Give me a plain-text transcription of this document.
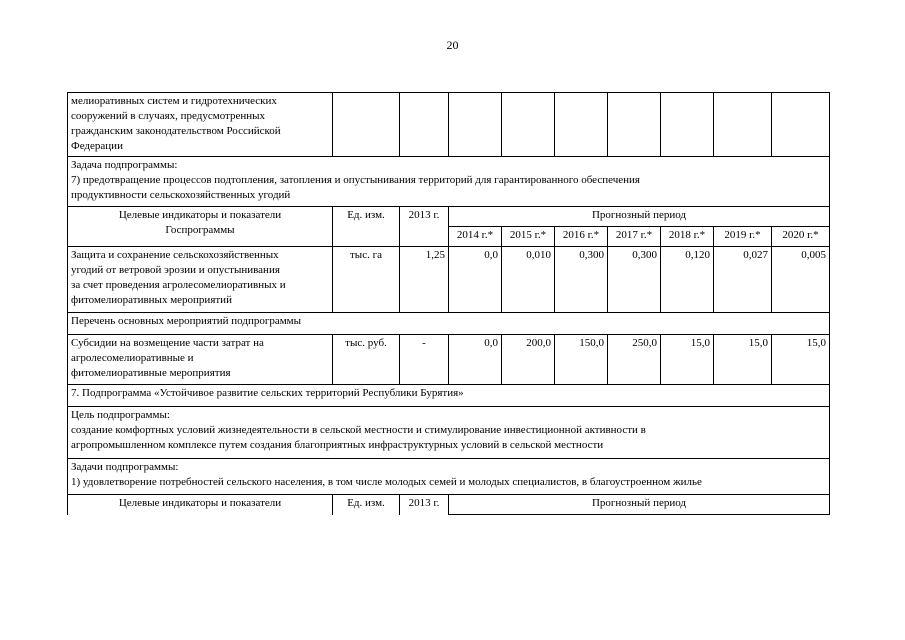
20
мелиоративных систем и гидротехнических
сооружений в случаях, предусмотренных
гражданским законодательством Российской
Федерации									
Задача подпрограммы:
7) предотвращение процессов подтопления, затопления и опустынивания территорий для гарантированного обеспечения
продуктивности сельскохозяйственных угодий									
Целевые индикаторы и показатели
Госпрограммы	Ед. изм.	2013 г.	Прогнозный период						
			2014 г.*	2015 г.*	2016 г.*	2017 г.*	2018 г.*	2019 г.*	2020 г.*
Защита и сохранение сельскохозяйственных
угодий от ветровой эрозии и опустынивания
за счет проведения агролесомелиоративных и
фитомелиоративных мероприятий	тыс. га	1,25	0,0	0,010	0,300	0,300	0,120	0,027	0,005
Перечень основных мероприятий подпрограммы									
Субсидии на возмещение части затрат на
агролесомелиоративные и
фитомелиоративные мероприятия	тыс. руб.	-	0,0	200,0	150,0	250,0	15,0	15,0	15,0
7. Подпрограмма «Устойчивое развитие сельских территорий Республики Бурятия»									
Цель подпрограммы:
создание комфортных условий жизнедеятельности в сельской местности и стимулирование инвестиционной активности в
агропромышленном комплексе путем создания благоприятных инфраструктурных условий в сельской местности									
Задачи подпрограммы:
1) удовлетворение потребностей сельского населения, в том числе молодых семей и молодых специалистов, в благоустроенном жилье									
Целевые индикаторы и показатели	Ед. изм.	2013 г.	Прогнозный период						
